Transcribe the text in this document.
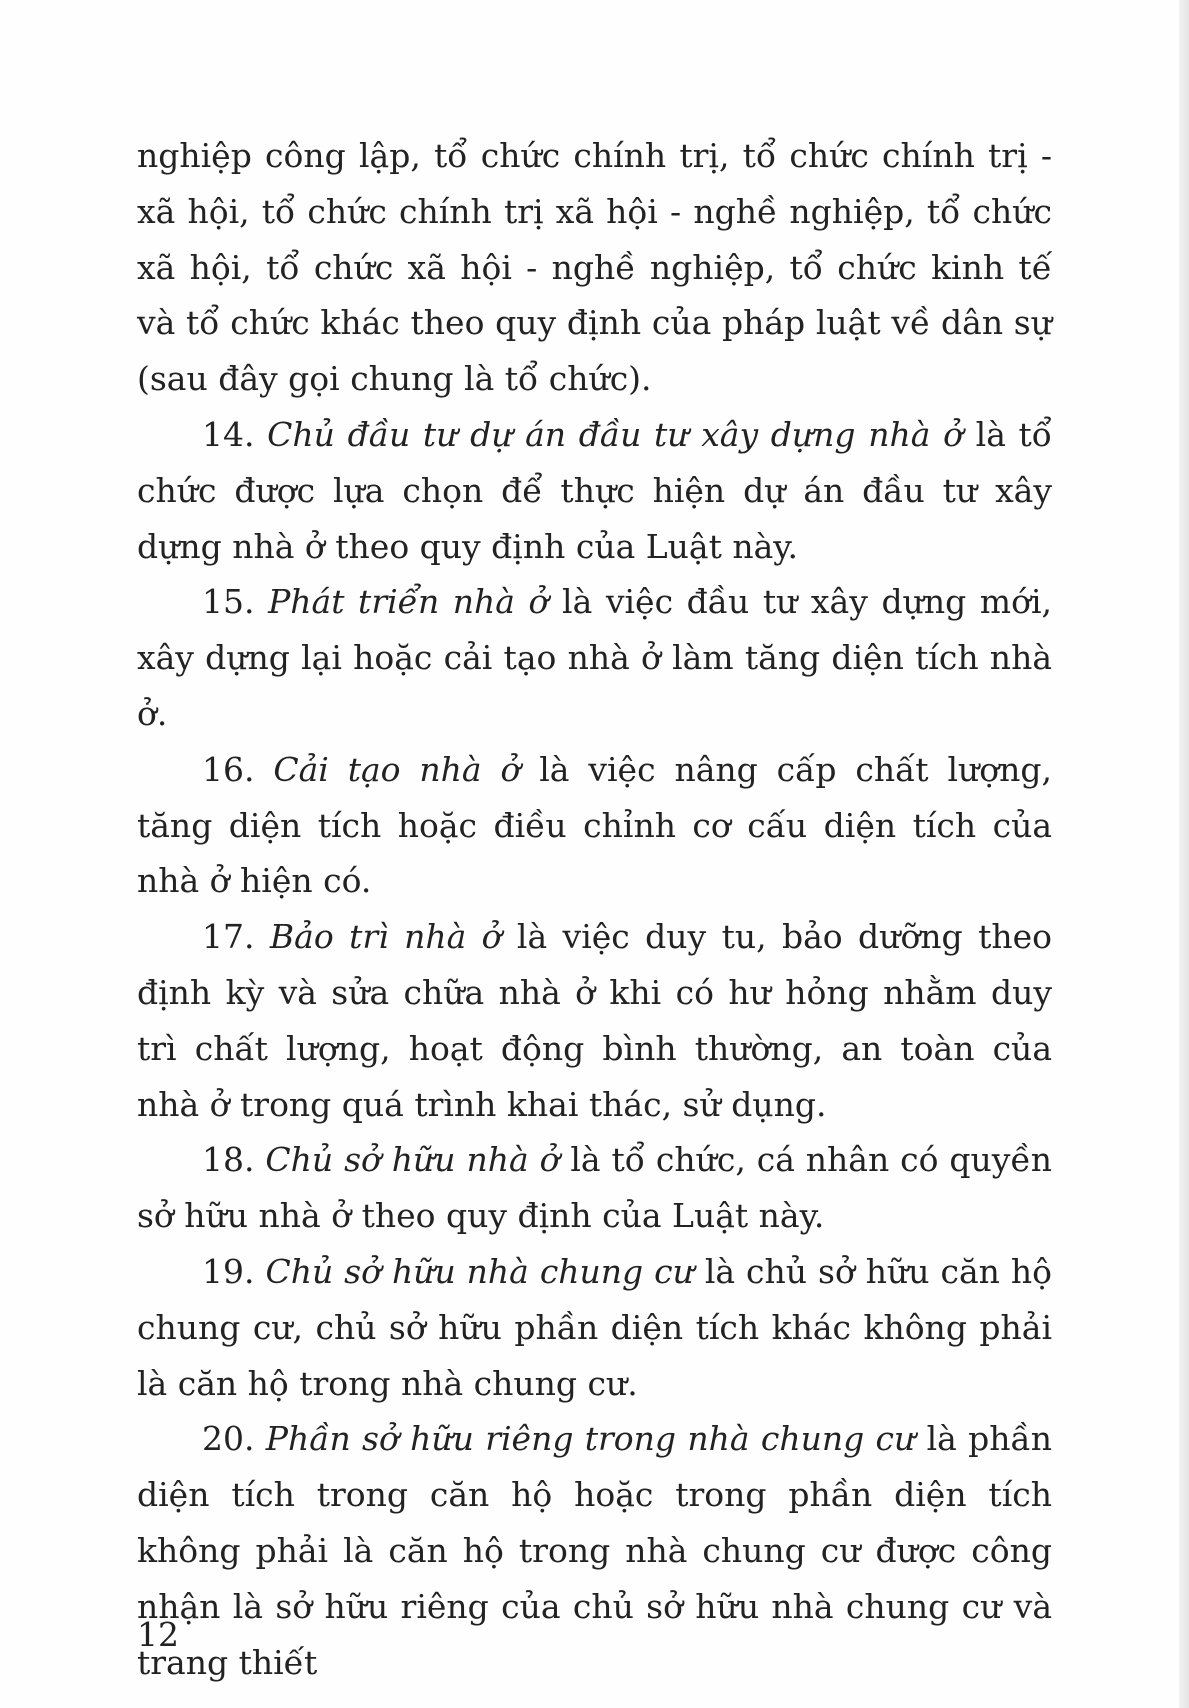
nghiệp công lập, tổ chức chính trị, tổ chức chính trị - xã hội, tổ chức chính trị xã hội - nghề nghiệp, tổ chức xã hội, tổ chức xã hội - nghề nghiệp, tổ chức kinh tế và tổ chức khác theo quy định của pháp luật về dân sự (sau đây gọi chung là tổ chức).

14. Chủ đầu tư dự án đầu tư xây dựng nhà ở là tổ chức được lựa chọn để thực hiện dự án đầu tư xây dựng nhà ở theo quy định của Luật này.

15. Phát triển nhà ở là việc đầu tư xây dựng mới, xây dựng lại hoặc cải tạo nhà ở làm tăng diện tích nhà ở.

16. Cải tạo nhà ở là việc nâng cấp chất lượng, tăng diện tích hoặc điều chỉnh cơ cấu diện tích của nhà ở hiện có.

17. Bảo trì nhà ở là việc duy tu, bảo dưỡng theo định kỳ và sửa chữa nhà ở khi có hư hỏng nhằm duy trì chất lượng, hoạt động bình thường, an toàn của nhà ở trong quá trình khai thác, sử dụng.

18. Chủ sở hữu nhà ở là tổ chức, cá nhân có quyền sở hữu nhà ở theo quy định của Luật này.

19. Chủ sở hữu nhà chung cư là chủ sở hữu căn hộ chung cư, chủ sở hữu phần diện tích khác không phải là căn hộ trong nhà chung cư.

20. Phần sở hữu riêng trong nhà chung cư là phần diện tích trong căn hộ hoặc trong phần diện tích không phải là căn hộ trong nhà chung cư được công nhận là sở hữu riêng của chủ sở hữu nhà chung cư và trang thiết

12
